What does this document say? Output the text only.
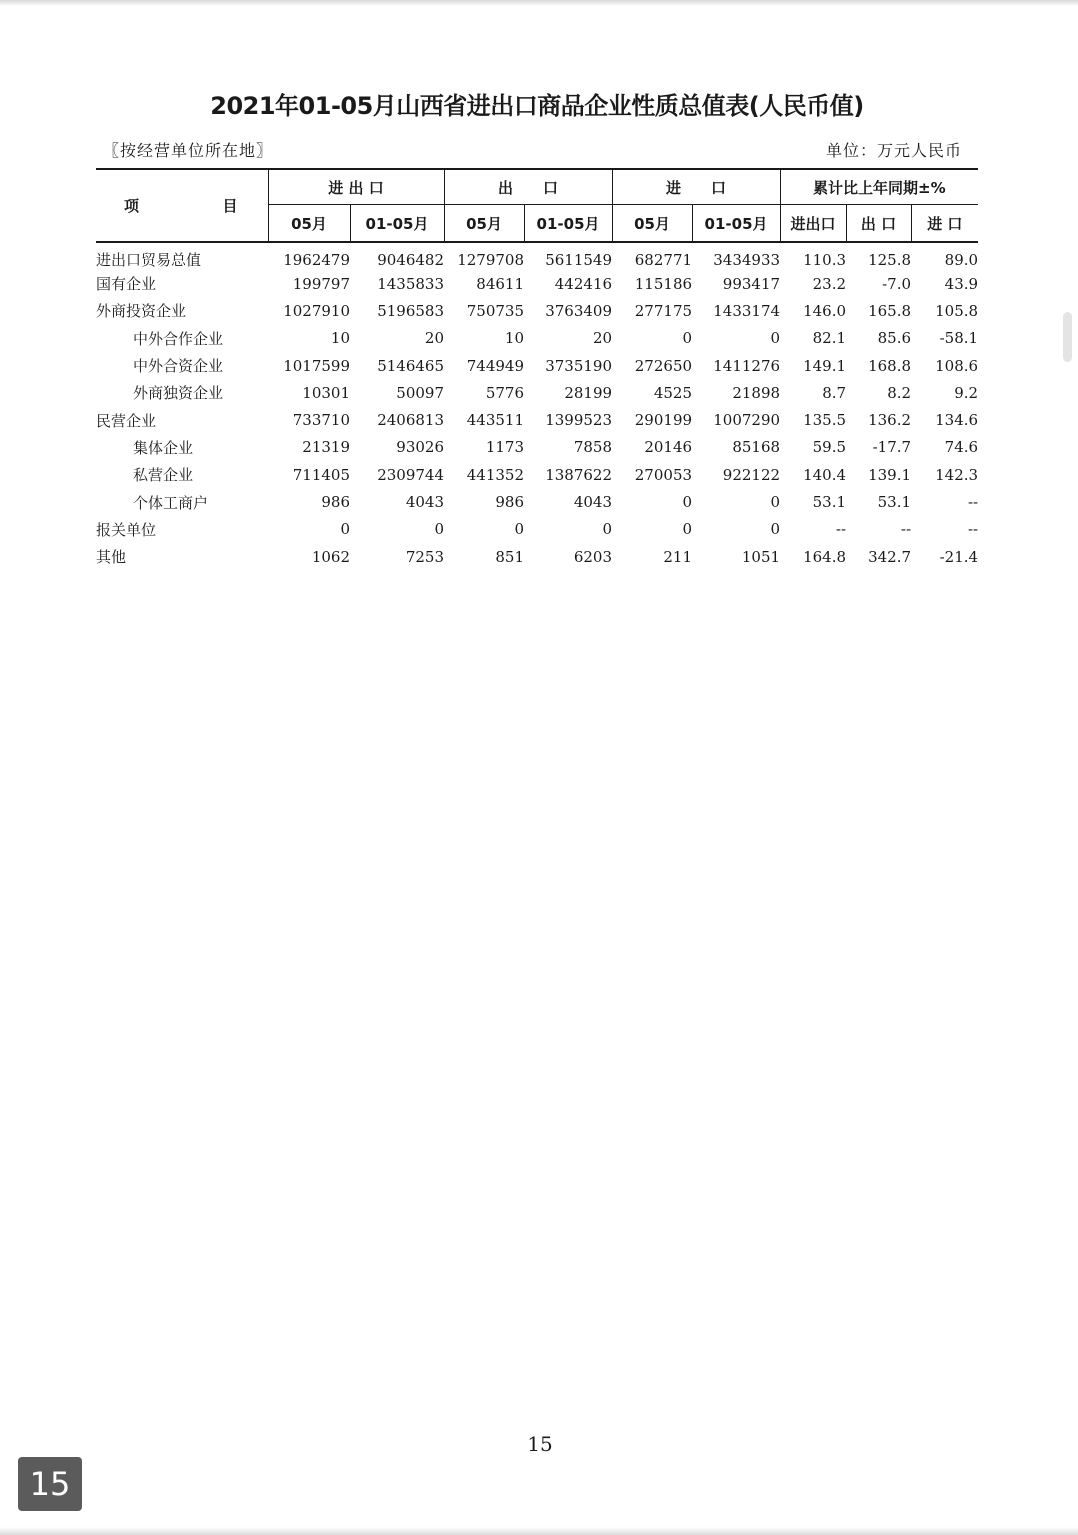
2021年01-05月山西省进出口商品企业性质总值表(人民币值)
〖按经营单位所在地〗	单位：万元人民币
项 目	进 出 口		出　　口		进　　口		累计比上年同期±%		
	05月	01-05月	05月	01-05月	05月	01-05月	进出口	出 口	进 口
进出口贸易总值	1962479	9046482	1279708	5611549	682771	3434933	110.3	125.8	89.0
国有企业	199797	1435833	84611	442416	115186	993417	23.2	-7.0	43.9
外商投资企业	1027910	5196583	750735	3763409	277175	1433174	146.0	165.8	105.8
中外合作企业	10	20	10	20	0	0	82.1	85.6	-58.1
中外合资企业	1017599	5146465	744949	3735190	272650	1411276	149.1	168.8	108.6
外商独资企业	10301	50097	5776	28199	4525	21898	8.7	8.2	9.2
民营企业	733710	2406813	443511	1399523	290199	1007290	135.5	136.2	134.6
集体企业	21319	93026	1173	7858	20146	85168	59.5	-17.7	74.6
私营企业	711405	2309744	441352	1387622	270053	922122	140.4	139.1	142.3
个体工商户	986	4043	986	4043	0	0	53.1	53.1	--
报关单位	0	0	0	0	0	0	--	--	--
其他	1062	7253	851	6203	211	1051	164.8	342.7	-21.4
15
15
